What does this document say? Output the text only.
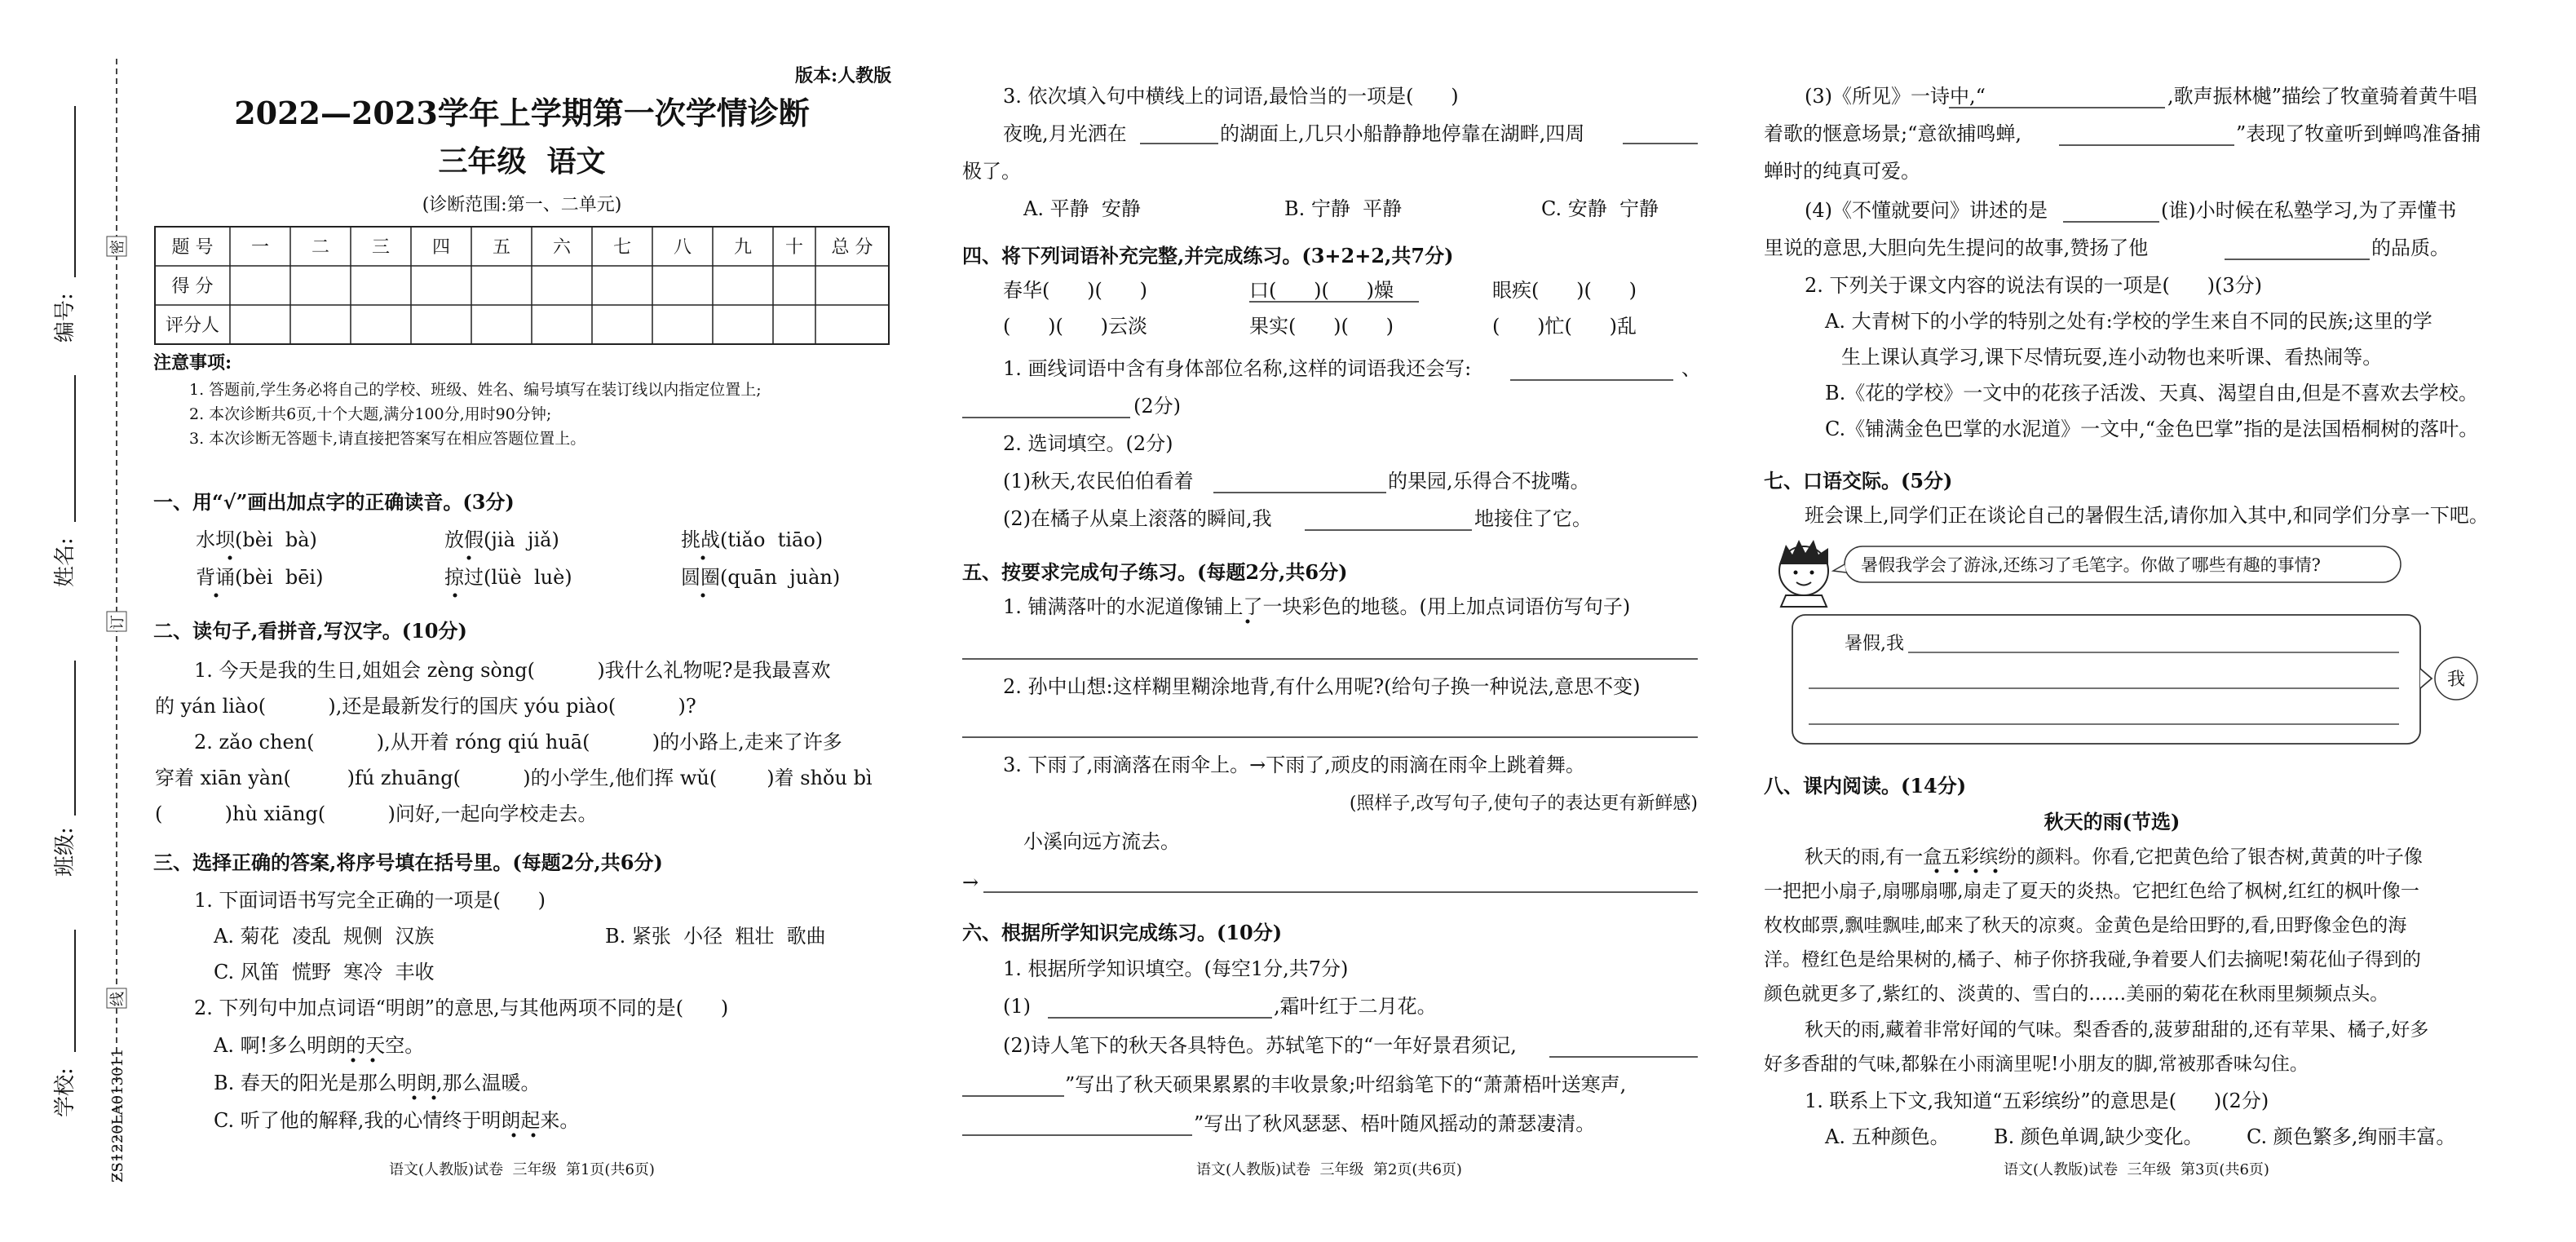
学校:
班级:
姓名:
编号:
密
订
线
ZS1220LA013011
版本:人教版
2022—2023学年上学期第一次学情诊断
三年级  语文
(诊断范围:第一、二单元)
题 号 一 二 三 四 五 六 七 八 九 十 总 分
得 分
评分人
注意事项:
1. 答题前,学生务必将自己的学校、班级、姓名、编号填写在装订线以内指定位置上;
2. 本次诊断共6页,十个大题,满分100分,用时90分钟;
3. 本次诊断无答题卡,请直接把答案写在相应答题位置上。
一、用“√”画出加点字的正确读音。(3分)
水坝(bèi  bà)	放假(jià  jiǎ)	挑战(tiǎo  tiāo)
背诵(bèi  bēi)	掠过(lüè  luè)	圆圈(quān  juàn)
二、读句子,看拼音,写汉字。(10分)
1. 今天是我的生日,姐姐会 zèng sòng(          )我什么礼物呢?是我最喜欢
的 yán liào(          ),还是最新发行的国庆 yóu piào(          )?
2. zǎo chen(          ),从开着 róng qiú huā(          )的小路上,走来了许多
穿着 xiān yàn(         )fú zhuāng(          )的小学生,他们挥 wǔ(        )着 shǒu bì
(          )hù xiāng(          )问好,一起向学校走去。
三、选择正确的答案,将序号填在括号里。(每题2分,共6分)
1. 下面词语书写完全正确的一项是(      )
A. 菊花  凌乱  规侧  汉族	B. 紧张  小径  粗壮  歌曲
C. 风笛  慌野  寒冷  丰收
2. 下列句中加点词语“明朗”的意思,与其他两项不同的是(      )
A. 啊!多么明朗的天空。
B. 春天的阳光是那么明朗,那么温暖。
C. 听了他的解释,我的心情终于明朗起来。
语文(人教版)试卷  三年级  第1页(共6页)
3. 依次填入句中横线上的词语,最恰当的一项是(      )
夜晚,月光洒在	的湖面上,几只小船静静地停靠在湖畔,四周
极了。
A. 平静  安静	B. 宁静  平静	C. 安静  宁静
四、将下列词语补充完整,并完成练习。(3+2+2,共7分)
春华(      )(      )	口(      )(      )燥	眼疾(      )(      )
(      )(      )云淡	果实(      )(      )	(      )忙(      )乱
1. 画线词语中含有身体部位名称,这样的词语我还会写:	、
(2分)
2. 选词填空。(2分)
(1)秋天,农民伯伯看着	的果园,乐得合不拢嘴。
(2)在橘子从桌上滚落的瞬间,我	地接住了它。
五、按要求完成句子练习。(每题2分,共6分)
1. 铺满落叶的水泥道像铺上了一块彩色的地毯。(用上加点词语仿写句子)
2. 孙中山想:这样糊里糊涂地背,有什么用呢?(给句子换一种说法,意思不变)
3. 下雨了,雨滴落在雨伞上。→下雨了,顽皮的雨滴在雨伞上跳着舞。
(照样子,改写句子,使句子的表达更有新鲜感)
小溪向远方流去。
→
六、根据所学知识完成练习。(10分)
1. 根据所学知识填空。(每空1分,共7分)
(1)	,霜叶红于二月花。
(2)诗人笔下的秋天各具特色。苏轼笔下的“一年好景君须记,
”写出了秋天硕果累累的丰收景象;叶绍翁笔下的“萧萧梧叶送寒声,
”写出了秋风瑟瑟、梧叶随风摇动的萧瑟凄清。
语文(人教版)试卷  三年级  第2页(共6页)
(3)《所见》一诗中,“	,歌声振林樾”描绘了牧童骑着黄牛唱
着歌的惬意场景;“意欲捕鸣蝉,	”表现了牧童听到蝉鸣准备捕
蝉时的纯真可爱。
(4)《不懂就要问》讲述的是	(谁)小时候在私塾学习,为了弄懂书
里说的意思,大胆向先生提问的故事,赞扬了他	的品质。
2. 下列关于课文内容的说法有误的一项是(      )(3分)
A. 大青树下的小学的特别之处有:学校的学生来自不同的民族;这里的学
生上课认真学习,课下尽情玩耍,连小动物也来听课、看热闹等。
B.《花的学校》一文中的花孩子活泼、天真、渴望自由,但是不喜欢去学校。
C.《铺满金色巴掌的水泥道》一文中,“金色巴掌”指的是法国梧桐树的落叶。
七、口语交际。(5分)
班会课上,同学们正在谈论自己的暑假生活,请你加入其中,和同学们分享一下吧。
暑假我学会了游泳,还练习了毛笔字。你做了哪些有趣的事情?
暑假,我
我
八、课内阅读。(14分)
秋天的雨(节选)
秋天的雨,有一盒五彩缤纷的颜料。你看,它把黄色给了银杏树,黄黄的叶子像
一把把小扇子,扇哪扇哪,扇走了夏天的炎热。它把红色给了枫树,红红的枫叶像一
枚枚邮票,飘哇飘哇,邮来了秋天的凉爽。金黄色是给田野的,看,田野像金色的海
洋。橙红色是给果树的,橘子、柿子你挤我碰,争着要人们去摘呢!菊花仙子得到的
颜色就更多了,紫红的、淡黄的、雪白的……美丽的菊花在秋雨里频频点头。
秋天的雨,藏着非常好闻的气味。梨香香的,菠萝甜甜的,还有苹果、橘子,好多
好多香甜的气味,都躲在小雨滴里呢!小朋友的脚,常被那香味勾住。
1. 联系上下文,我知道“五彩缤纷”的意思是(      )(2分)
A. 五种颜色。 B. 颜色单调,缺少变化。 C. 颜色繁多,绚丽丰富。
语文(人教版)试卷  三年级  第3页(共6页)
